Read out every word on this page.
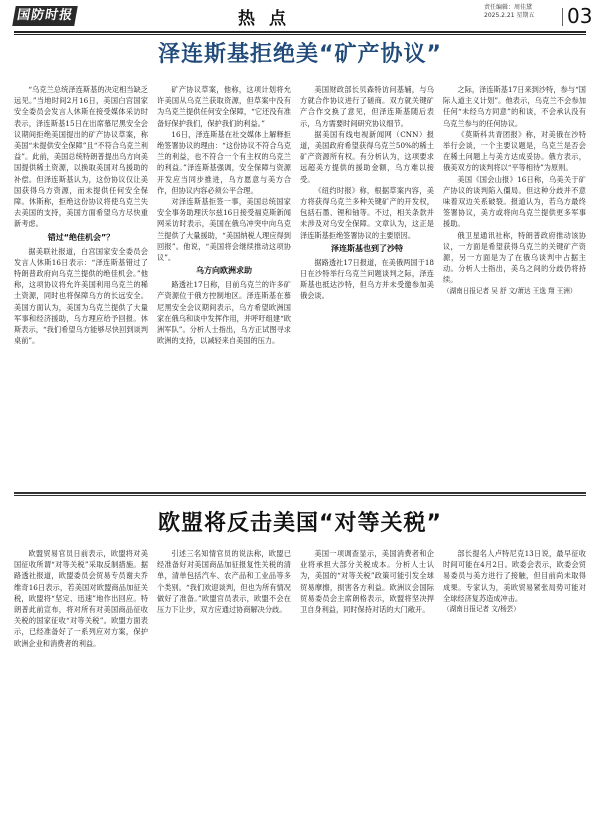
国防时报	热点
责任编辑：周佳黛
2025.2.21 星期五 03
泽连斯基拒绝美“矿产协议”

“乌克兰总统泽连斯基的决定相当缺乏远见。”当地时间2月16日，美国白宫国家安全委员会发言人休斯在接受媒体采访时表示，泽连斯基15日在出席慕尼黑安全会议期间拒绝美国提出的矿产协议草案，称美国“未提供安全保障”且“不符合乌克兰利益”。此前，美国总统特朗普提出乌方向美国提供稀土资源，以换取美国对乌援助的补偿。但泽连斯基认为，这份协议仅让美国获得乌方资源，而未提供任何安全保障。休斯称，拒绝这份协议将使乌克兰失去美国的支持，美国方面希望乌方尽快重新考虑。

错过“绝佳机会”？

据美联社报道，白宫国家安全委员会发言人休斯16日表示：“泽连斯基错过了特朗普政府向乌克兰提供的绝佳机会。”他称，这项协议将允许美国利用乌克兰的稀土资源，同时也将保障乌方的长远安全。美国方面认为，美国为乌克兰提供了大量军事和经济援助，乌方理应给予回报。休斯表示，“我们希望乌方能够尽快回到谈判桌前”。

矿产协议草案，他称，这项计划将允许美国从乌克兰获取资源，但草案中没有为乌克兰提供任何安全保障，“它还没有准备好保护我们，保护我们的利益。”

16日，泽连斯基在社交媒体上解释拒绝签署协议的理由：“这份协议不符合乌克兰的利益，也不符合一个有主权的乌克兰的利益。”泽连斯基强调，安全保障与资源开发应当同步推进，乌方愿意与美方合作，但协议内容必须公平合理。

对泽连斯基拒签一事，美国总统国家安全事务助理沃尔兹16日接受福克斯新闻网采访时表示，美国在俄乌冲突中向乌克兰提供了大量援助，“美国纳税人理应得到回报”。他说，“美国将会继续推动这项协议”。

乌方向欧洲求助

路透社17日称，目前乌克兰的许多矿产资源位于俄方控制地区。泽连斯基在慕尼黑安全会议期间表示，乌方希望欧洲国家在俄乌和谈中发挥作用，并呼吁组建“欧洲军队”。分析人士指出，乌方正试图寻求欧洲的支持，以减轻来自美国的压力。

美国财政部长贝森特访问基辅，与乌方就合作协议进行了磋商。双方就关键矿产合作交换了意见，但泽连斯基随后表示，乌方需要时间研究协议细节。

据美国有线电视新闻网（CNN）报道，美国政府希望获得乌克兰50%的稀土矿产资源所有权。有分析认为，这项要求远超美方提供的援助金额，乌方难以接受。

《纽约时报》称，根据草案内容，美方将获得乌克兰多种关键矿产的开发权，包括石墨、锂和铀等。不过，相关条款并未涉及对乌安全保障。文章认为，这正是泽连斯基拒绝签署协议的主要原因。

泽连斯基也到了沙特

据路透社17日报道，在美俄两国于18日在沙特举行乌克兰问题谈判之际，泽连斯基也抵达沙特，但乌方并未受邀参加美俄会谈。

之际，泽连斯基17日来到沙特，参与“国际人道主义计划”。他表示，乌克兰不会参加任何“未经乌方同意”的和谈，不会承认没有乌克兰参与的任何协议。

《莫斯科共青团报》称，对美俄在沙特举行会谈，一个主要议题是，乌克兰是否会在稀土问题上与美方达成妥协。俄方表示，俄美双方的谈判将以“平等相待”为原则。

美国《国会山报》16日称，乌美关于矿产协议的谈判陷入僵局。但这种分歧并不意味着双边关系破裂。报道认为，若乌方最终签署协议，美方或将向乌克兰提供更多军事援助。

俄卫星通讯社称，特朗普政府推动该协议，一方面是希望获得乌克兰的关键矿产资源，另一方面是为了在俄乌谈判中占据主动。分析人士指出，美乌之间的分歧仍将持续。

（湖南日报记者 吴 舒 文/萧达 王逸 翔 王洲）

欧盟将反击美国“对等关税”

欧盟贸易官员日前表示，欧盟将对美国征收所谓“对等关税”采取反制措施。据路透社报道，欧盟委员会贸易专员谢夫乔维奇16日表示，若美国对欧盟商品加征关税，欧盟将“坚定、迅速”地作出回应。特朗普此前宣布，将对所有对美国商品征收关税的国家征收“对等关税”。欧盟方面表示，已经准备好了一系列应对方案，保护欧洲企业和消费者的利益。

引述三名知情官员的说法称，欧盟已经准备好对美国商品加征报复性关税的清单，清单包括汽车、农产品和工业品等多个类别。“我们欢迎谈判，但也为所有情况做好了准备。”欧盟官员表示，欧盟不会在压力下让步，双方应通过协商解决分歧。

美国一项调查显示，美国消费者和企业将承担大部分关税成本。分析人士认为，美国的“对等关税”政策可能引发全球贸易摩擦，损害各方利益。欧洲议会国际贸易委员会主席朗格表示，欧盟将坚决捍卫自身利益，同时保持对话的大门敞开。

部长提名人卢特尼克13日说，最早征收时间可能在4月2日。欧委会表示，欧委会贸易委员与美方进行了接触，但目前尚未取得成果。专家认为，美欧贸易紧张局势可能对全球经济复苏造成冲击。

（湖南日报记者 文/杨芸）
